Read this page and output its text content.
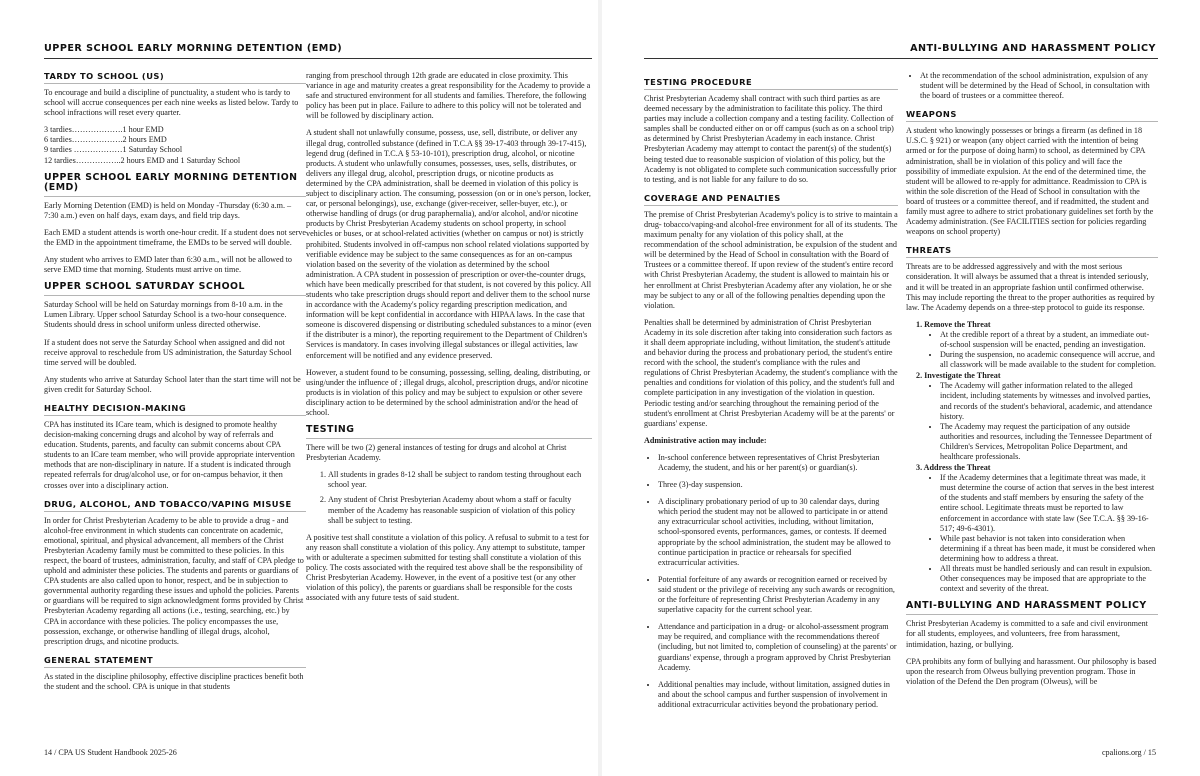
UPPER SCHOOL EARLY MORNING DETENTION (EMD)
TARDY TO SCHOOL (US)

To encourage and build a discipline of punctuality, a student who is tardy to school will accrue consequences per each nine weeks as listed below. Tardy to school infractions will reset every quarter.

3 tardies……………….1 hour EMD
6 tardies……………….2 hours EMD
9 tardies ………………1 Saturday School
12 tardies……………..2 hours EMD and 1 Saturday School
UPPER SCHOOL EARLY MORNING DETENTION (EMD)

Early Morning Detention (EMD) is held on Monday -Thursday (6:30 a.m. – 7:30 a.m.) even on half days, exam days, and field trip days.

Each EMD a student attends is worth one-hour credit. If a student does not serve the EMD in the appointment timeframe, the EMDs to be served will double.

Any student who arrives to EMD later than 6:30 a.m., will not be allowed to serve EMD time that morning. Students must arrive on time.

UPPER SCHOOL SATURDAY SCHOOL

Saturday School will be held on Saturday mornings from 8-10 a.m. in the Lumen Library. Upper school Saturday School is a two-hour consequence. Students should dress in school uniform unless directed otherwise.

If a student does not serve the Saturday School when assigned and did not receive approval to reschedule from US administration, the Saturday School time served will be doubled.

Any students who arrive at Saturday School later than the start time will not be given credit for Saturday School.

HEALTHY DECISION-MAKING

CPA has instituted its ICare team, which is designed to promote healthy decision-making concerning drugs and alcohol by way of referrals and education. Students, parents, and faculty can submit concerns about CPA students to an ICare team member, who will provide appropriate intervention methods that are non-disciplinary in nature. If a student is indicated through repeated referrals for drug/alcohol use, or for on-campus behavior, it then crosses over into a disciplinary action.

DRUG, ALCOHOL, AND TOBACCO/VAPING MISUSE

In order for Christ Presbyterian Academy to be able to provide a drug - and alcohol-free environment in which students can concentrate on academic, emotional, spiritual, and physical advancement, all members of the Christ Presbyterian Academy family must be committed to these policies. In this respect, the board of trustees, administration, faculty, and staff of CPA pledge to uphold and administer these policies. The students and parents or guardians of CPA students are also called upon to honor, respect, and be in subjection to governmental authority regarding these issues and uphold the policies. Parents or guardians will be required to sign acknowledgment forms provided by Christ Presbyterian Academy regarding all actions (i.e., testing, searching, etc.) by CPA in accordance with these policies. The policy encompasses the use, possession, exchange, or otherwise handling of illegal drugs, alcohol, prescription drugs, and nicotine products.

GENERAL STATEMENT

As stated in the discipline philosophy, effective discipline practices benefit both the student and the school. CPA is unique in that students

ranging from preschool through 12th grade are educated in close proximity. This variance in age and maturity creates a great responsibility for the Academy to provide a safe and structured environment for all students and families. Therefore, the following policy has been put in place. Failure to adhere to this policy will not be tolerated and will be followed by disciplinary action.

A student shall not unlawfully consume, possess, use, sell, distribute, or deliver any illegal drug, controlled substance (defined in T.C.A §§ 39-17-403 through 39-17-415), legend drug (defined in T.C.A § 53-10-101), prescription drug, alcohol, or nicotine products. A student who unlawfully consumes, possesses, uses, sells, distributes, or delivers any illegal drug, alcohol, prescription drugs, or nicotine products as determined by the CPA administration, shall be deemed in violation of this policy is subject to disciplinary action. The consuming, possession (on or in one's person, locker, car, or personal belongings), use, exchange (giver-receiver, seller-buyer, etc.), or otherwise handling of drugs (or drug paraphernalia), and/or alcohol, and/or nicotine products by Christ Presbyterian Academy students on school property, in school vehicles or buses, or at school-related activities (whether on campus or not) is strictly prohibited. Students involved in off-campus non school related violations supported by verifiable evidence may be subject to the same consequences as for an on-campus violation based on the severity of the violation as determined by the school administration. A CPA student in possession of prescription or over-the-counter drugs, which have been medically prescribed for that student, is not covered by this policy. All students who take prescription drugs should report and deliver them to the school nurse in accordance with the Academy's policy regarding prescription medication, and information will be kept confidential in accordance with HIPAA laws. In the case that someone is discovered dispensing or distributing scheduled substances to a minor (even if the distributer is a minor), the reporting requirement to the Department of Children's Services is mandatory. In cases involving illegal substances or illegal activities, law enforcement will be notified and any evidence preserved.

However, a student found to be consuming, possessing, selling, dealing, distributing, or using/under the influence of ; illegal drugs, alcohol, prescription drugs, and/or nicotine products is in violation of this policy and may be subject to expulsion or other severe disciplinary action to be determined by the school administration and/or the head of school.

TESTING

There will be two (2) general instances of testing for drugs and alcohol at Christ Presbyterian Academy.

1. All students in grades 8-12 shall be subject to random testing throughout each school year.
2. Any student of Christ Presbyterian Academy about whom a staff or faculty member of the Academy has reasonable suspicion of violation of this policy shall be subject to testing.

A positive test shall constitute a violation of this policy. A refusal to submit to a test for any reason shall constitute a violation of this policy. Any attempt to substitute, tamper with or adulterate a specimen submitted for testing shall constitute a violation of this policy. The costs associated with the required test above shall be the responsibility of Christ Presbyterian Academy. However, in the event of a positive test (or any other violation of this policy), the parents or guardians shall be responsible for the costs associated with any future tests of said student.

14 / CPA US Student Handbook 2025-26
ANTI-BULLYING AND HARASSMENT POLICY
TESTING PROCEDURE

Christ Presbyterian Academy shall contract with such third parties as are deemed necessary by the administration to facilitate this policy. The third parties may include a collection company and a testing facility. Collection of samples shall be conducted either on or off campus (such as on a school trip) as determined by Christ Presbyterian Academy in each instance. Christ Presbyterian Academy may attempt to contact the parent(s) of the student(s) being tested due to reasonable suspicion of violation of this policy, but the Academy is not obligated to complete such communication successfully prior to testing, and is not liable for any failure to do so.

COVERAGE AND PENALTIES

The premise of Christ Presbyterian Academy's policy is to strive to maintain a drug- tobacco/vaping-and alcohol-free environment for all of its students. The maximum penalty for any violation of this policy shall, at the recommendation of the school administration, be expulsion of the student and will be determined by the Head of School in consultation with the Board of Trustees or a committee thereof. If upon review of the student's entire record with Christ Presbyterian Academy, the student is allowed to maintain his or her enrollment at Christ Presbyterian Academy after any violation, he or she may be subject to any or all of the following penalties depending upon the violation.

Penalties shall be determined by administration of Christ Presbyterian Academy in its sole discretion after taking into consideration such factors as it shall deem appropriate including, without limitation, the student's attitude and behavior during the process and probationary period, the student's entire record with the school, the student's compliance with the rules and regulations of Christ Presbyterian Academy, the student's compliance with the penalties and conditions for violation of this policy, and the student's full and complete participation in any investigation of the violation in question. Periodic testing and/or searching throughout the remaining period of the student's enrollment at Christ Presbyterian Academy will be at the parents' or guardians' expense.

Administrative action may include:

• In-school conference between representatives of Christ Presbyterian Academy, the student, and his or her parent(s) or guardian(s).
• Three (3)-day suspension.
• A disciplinary probationary period of up to 30 calendar days, during which period the student may not be allowed to participate in or attend any extracurricular school activities, including, without limitation, school-sponsored events, performances, games, or contests. If deemed appropriate by the school administration, the student may be allowed to continue participation in practice or rehearsals for specified extracurricular activities.
• Potential forfeiture of any awards or recognition earned or received by said student or the privilege of receiving any such awards or recognition, or the forfeiture of representing Christ Presbyterian Academy in any superlative capacity for the current school year.
• Attendance and participation in a drug- or alcohol-assessment program may be required, and compliance with the recommendations thereof (including, but not limited to, completion of counseling) at the parents' or guardians' expense, through a program approved by Christ Presbyterian Academy.
• Additional penalties may include, without limitation, assigned duties in and about the school campus and further suspension of involvement in additional extracurricular activities beyond the probationary period.
• At the recommendation of the school administration, expulsion of any student will be determined by the Head of School, in consultation with the board of trustees or a committee thereof.
WEAPONS

A student who knowingly possesses or brings a firearm (as defined in 18 U.S.C. § 921) or weapon (any object carried with the intention of being armed or for the purpose of doing harm) to school, as determined by CPA administration, shall be in violation of this policy and will face the possibility of immediate expulsion. At the end of the determined time, the student will be allowed to re-apply for admittance. Readmission to CPA is within the sole discretion of the Head of School in consultation with the board of trustees or a committee thereof, and if readmitted, the student and family must agree to adhere to strict probationary guidelines set forth by the Academy administration. (See FACILITIES section for policies regarding weapons on school property)

THREATS

Threats are to be addressed aggressively and with the most serious consideration. It will always be assumed that a threat is intended seriously, and it will be treated in an appropriate fashion until confirmed otherwise. This may include reporting the threat to the proper authorities as required by law. The Academy depends on a three-step protocol to guide its response.

1. Remove the Threat
• At the credible report of a threat by a student, an immediate out-of-school suspension will be enacted, pending an investigation.
• During the suspension, no academic consequence will accrue, and all classwork will be made available to the student for completion.
2. Investigate the Threat
• The Academy will gather information related to the alleged incident, including statements by witnesses and involved parties, and records of the student's behavioral, academic, and attendance history.
• The Academy may request the participation of any outside authorities and resources, including the Tennessee Department of Children's Services, Metropolitan Police Department, and healthcare professionals.
3. Address the Threat
• If the Academy determines that a legitimate threat was made, it must determine the course of action that serves in the best interest of the students and staff members by ensuring the safety of the entire school. Legitimate threats must be reported to law enforcement in accordance with state law (See T.C.A. §§ 39-16-517; 49-6-4301).
• While past behavior is not taken into consideration when determining if a threat has been made, it must be considered when determining how to address a threat.
• All threats must be handled seriously and can result in expulsion. Other consequences may be imposed that are appropriate to the context and severity of the threat.
ANTI-BULLYING AND HARASSMENT POLICY

Christ Presbyterian Academy is committed to a safe and civil environment for all students, employees, and volunteers, free from harassment, intimidation, hazing, or bullying.

CPA prohibits any form of bullying and harassment. Our philosophy is based upon the research from Olweus bullying prevention program. Those in violation of the Defend the Den program (Olweus), will be

cpalions.org / 15
